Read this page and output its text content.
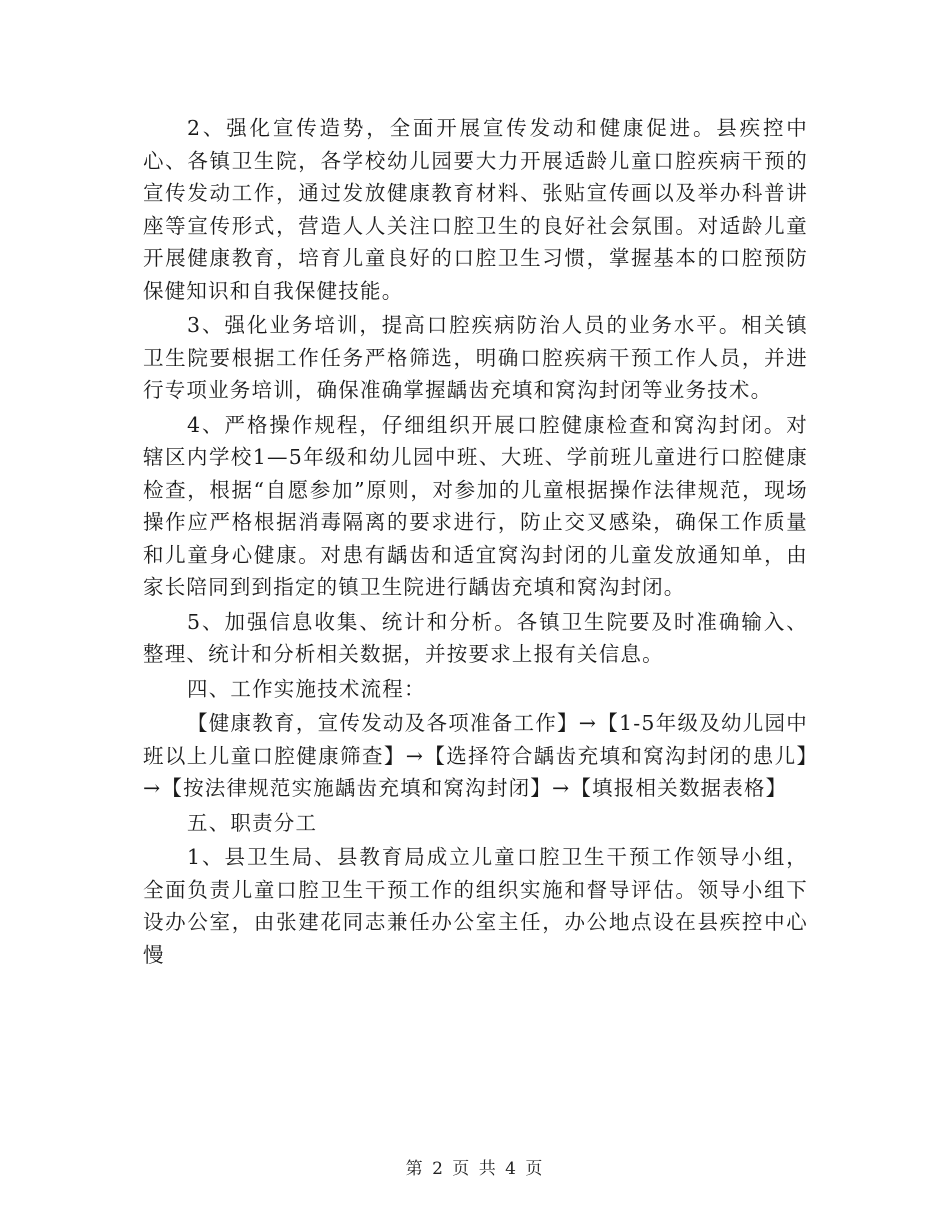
2、强化宣传造势，全面开展宣传发动和健康促进。县疾控中心、各镇卫生院，各学校幼儿园要大力开展适龄儿童口腔疾病干预的宣传发动工作，通过发放健康教育材料、张贴宣传画以及举办科普讲座等宣传形式，营造人人关注口腔卫生的良好社会氛围。对适龄儿童开展健康教育，培育儿童良好的口腔卫生习惯，掌握基本的口腔预防保健知识和自我保健技能。

3、强化业务培训，提高口腔疾病防治人员的业务水平。相关镇卫生院要根据工作任务严格筛选，明确口腔疾病干预工作人员，并进行专项业务培训，确保准确掌握龋齿充填和窝沟封闭等业务技术。

4、严格操作规程，仔细组织开展口腔健康检查和窝沟封闭。对辖区内学校1—5年级和幼儿园中班、大班、学前班儿童进行口腔健康检查，根据“自愿参加”原则，对参加的儿童根据操作法律规范，现场操作应严格根据消毒隔离的要求进行，防止交叉感染，确保工作质量和儿童身心健康。对患有龋齿和适宜窝沟封闭的儿童发放通知单，由家长陪同到到指定的镇卫生院进行龋齿充填和窝沟封闭。

5、加强信息收集、统计和分析。各镇卫生院要及时准确输入、整理、统计和分析相关数据，并按要求上报有关信息。

四、工作实施技术流程：

【健康教育，宣传发动及各项准备工作】→【1-5年级及幼儿园中班以上儿童口腔健康筛查】→【选择符合龋齿充填和窝沟封闭的患儿】→【按法律规范实施龋齿充填和窝沟封闭】→【填报相关数据表格】

五、职责分工

1、县卫生局、县教育局成立儿童口腔卫生干预工作领导小组，全面负责儿童口腔卫生干预工作的组织实施和督导评估。领导小组下设办公室，由张建花同志兼任办公室主任，办公地点设在县疾控中心慢

第 2 页 共 4 页
